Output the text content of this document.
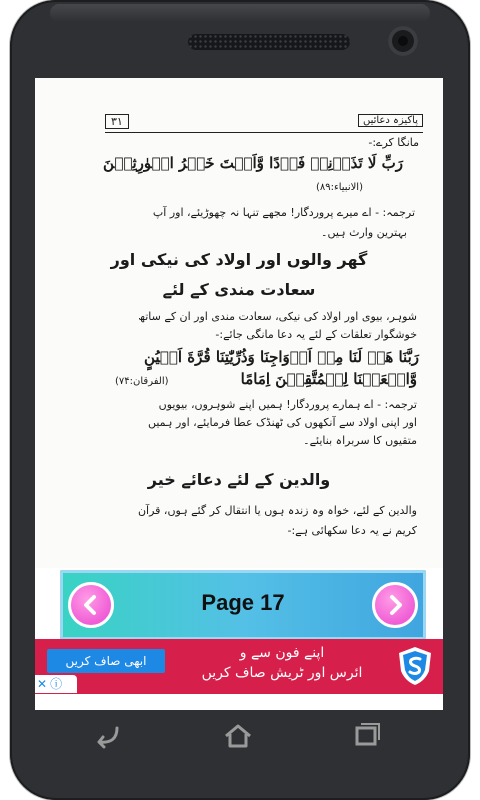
۳۱	پاکیزہ دعائیں
مانگا کرے:-
رَبِّ لَا تَذَرۡنِیۡ فَرۡدًا وَّاَنۡتَ خَیۡرُ الۡوٰرِثِیۡنَ
(الانبیاء:۸۹)
ترجمہ: - اے میرے پروردگار! مجھے تنہا نہ چھوڑیئے، اور آپ
بہترین وارث ہیں۔
گھر والوں اور اولاد کی نیکی اور
سعادت مندی کے لئے
شوہر، بیوی اور اولاد کی نیکی، سعادت مندی اور ان کے ساتھ
خوشگوار تعلقات کے لئے یہ دعا مانگی جائے:-
رَبَّنَا هَبۡ لَنَا مِنۡ اَزۡوَاجِنَا وَذُرِّيّٰتِنَا قُرَّةَ اَعۡيُنٍ
وَّاجۡعَلۡنَا لِلۡمُتَّقِيۡنَ اِمَامًا
(الفرقان:۷۴)
ترجمہ: - اے ہمارے پروردگار! ہمیں اپنے شوہروں، بیویوں
اور اپنی اولاد سے آنکھوں کی ٹھنڈک عطا فرمایئے، اور ہمیں
متقیوں کا سربراہ بنایئے۔
والدین کے لئے دعائے خیر
والدین کے لئے، خواہ وہ زندہ ہوں یا انتقال کر گئے ہوں، قرآن
کریم نے یہ دعا سکھائی ہے:-
Page 17
ابھی صاف کریں	اپنے فون سے و
ائرس اور ٹریش صاف کریں
✕ ⓘ
